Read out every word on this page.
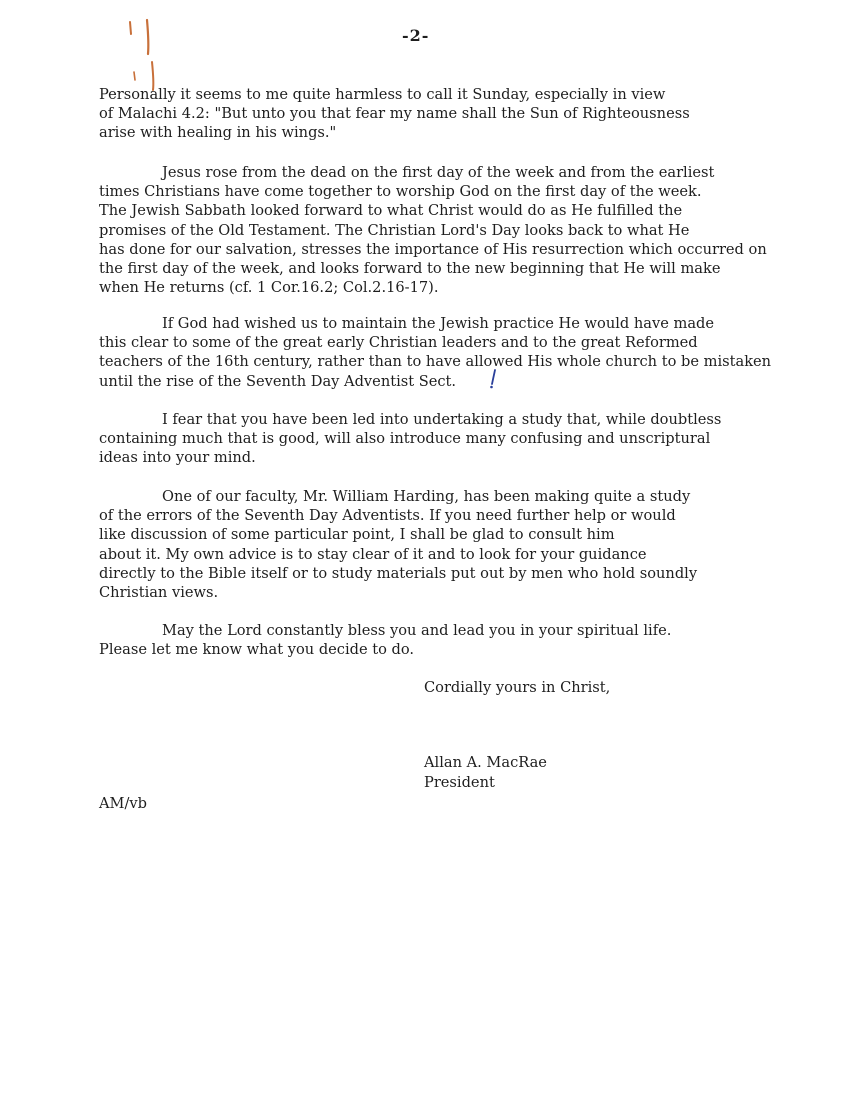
-2-
Personally it seems to me quite harmless to call it Sunday, especially in view
of Malachi 4.2: "But unto you that fear my name shall the Sun of Righteousness
arise with healing in his wings."
Jesus rose from the dead on the first day of the week and from the earliest
times Christians have come together to worship God on the first day of the week.
The Jewish Sabbath looked forward to what Christ would do as He fulfilled the
promises of the Old Testament. The Christian Lord's Day looks back to what He
has done for our salvation, stresses the importance of His resurrection which occurred on
the first day of the week, and looks forward to the new beginning that He will make
when He returns (cf. 1 Cor.16.2; Col.2.16-17).
If God had wished us to maintain the Jewish practice He would have made
this clear to some of the great early Christian leaders and to the great Reformed
teachers of the 16th century, rather than to have allowed His whole church to be mistaken
until the rise of the Seventh Day Adventist Sect.
I fear that you have been led into undertaking a study that, while doubtless
containing much that is good, will also introduce many confusing and unscriptural
ideas into your mind.
One of our faculty, Mr. William Harding, has been making quite a study
of the errors of the Seventh Day Adventists. If you need further help or would
like discussion of some particular point, I shall be glad to consult him
about it. My own advice is to stay clear of it and to look for your guidance
directly to the Bible itself or to study materials put out by men who hold soundly
Christian views.
May the Lord constantly bless you and lead you in your spiritual life.
Please let me know what you decide to do.
Cordially yours in Christ,
Allan A. MacRae
President
AM/vb
